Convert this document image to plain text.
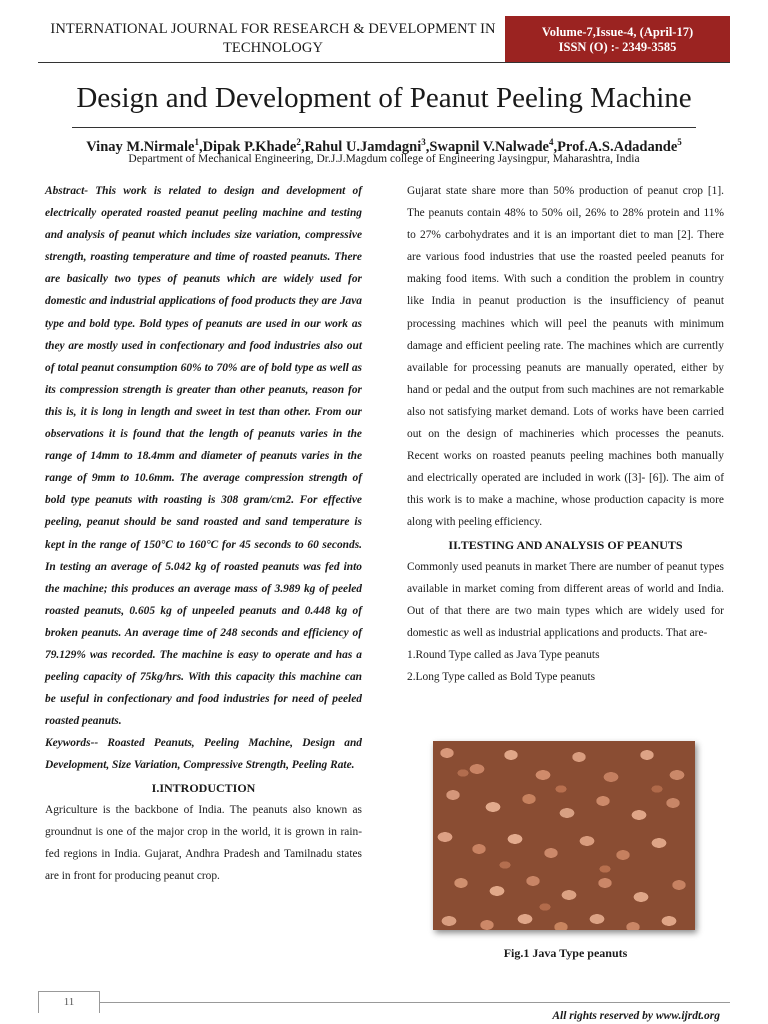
INTERNATIONAL JOURNAL FOR RESEARCH & DEVELOPMENT IN
TECHNOLOGY
Volume-7,Issue-4, (April-17)
ISSN (O) :- 2349-3585
Design and Development of Peanut Peeling Machine

Vinay M.Nirmale$^1$,Dipak P.Khade$^2$,Rahul U.Jamdagni$^3$,Swapnil V.Nalwade$^4$,Prof.A.S.Adadande$^5$

Department of Mechanical Engineering, Dr.J.J.Magdum college of Engineering Jaysingpur, Maharashtra, India

Abstract- This work is related to design and development of electrically operated roasted peanut peeling machine and testing and analysis of peanut which includes size variation, compressive strength, roasting temperature and time of roasted peanuts. There are basically two types of peanuts which are widely used for domestic and industrial applications of food products they are Java type and bold type. Bold types of peanuts are used in our work as they are mostly used in confectionary and food industries also out of total peanut consumption 60% to 70% are of bold type as well as its compression strength is greater than other peanuts, reason for this is, it is long in length and sweet in test than other. From our observations it is found that the length of peanuts varies in the range of 14mm to 18.4mm and diameter of peanuts varies in the range of 9mm to 10.6mm. The average compression strength of bold type peanuts with roasting is 308 gram/cm2. For effective peeling, peanut should be sand roasted and sand temperature is kept in the range of 150°C to 160°C for 45 seconds to 60 seconds. In testing an average of 5.042 kg of roasted peanuts was fed into the machine; this produces an average mass of 3.989 kg of peeled roasted peanuts, 0.605 kg of unpeeled peanuts and 0.448 kg of broken peanuts. An average time of 248 seconds and efficiency of 79.129% was recorded. The machine is easy to operate and has a peeling capacity of 75kg/hrs. With this capacity this machine can be useful in confectionary and food industries for need of peeled roasted peanuts.

Keywords-- Roasted Peanuts, Peeling Machine, Design and Development, Size Variation, Compressive Strength, Peeling Rate.

I.INTRODUCTION

Agriculture is the backbone of India. The peanuts also known as groundnut is one of the major crop in the world, it is grown in rain-fed regions in India. Gujarat, Andhra Pradesh and Tamilnadu states are in front for producing peanut crop.

Gujarat state share more than 50% production of peanut crop [1]. The peanuts contain 48% to 50% oil, 26% to 28% protein and 11% to 27% carbohydrates and it is an important diet to man [2]. There are various food industries that use the roasted peeled peanuts for making food items. With such a condition the problem in country like India in peanut production is the insufficiency of peanut processing machines which will peel the peanuts with minimum damage and efficient peeling rate. The machines which are currently available for processing peanuts are manually operated, either by hand or pedal and the output from such machines are not remarkable also not satisfying market demand. Lots of works have been carried out on the design of machineries which processes the peanuts. Recent works on roasted peanuts peeling machines both manually and electrically operated are included in work ([3]- [6]). The aim of this work is to make a machine, whose production capacity is more along with peeling efficiency.

II.TESTING AND ANALYSIS OF PEANUTS

Commonly used peanuts in market There are number of peanut types available in market coming from different areas of world and India. Out of that there are two main types which are widely used for domestic as well as industrial applications and products. That are-

1.Round Type called as Java Type peanuts

2.Long Type called as Bold Type peanuts

Fig.1 Java Type peanuts

11

All rights reserved by www.ijrdt.org
